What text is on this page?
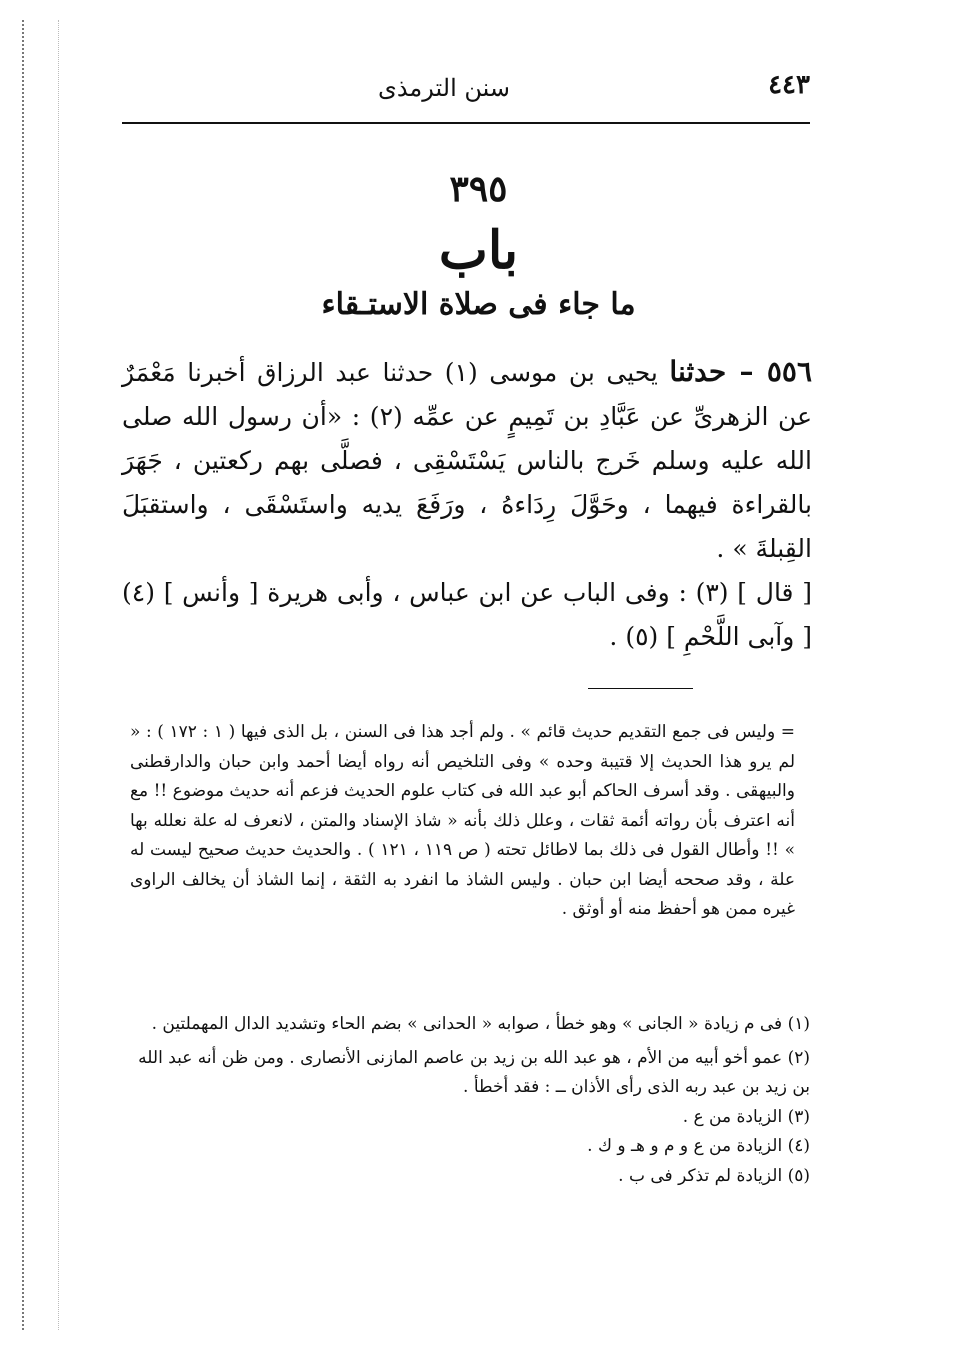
٤٤٣
سنن الترمذى
٣٩٥
باب
ما جاء فى صلاة الاستـقاء
٥٥٦ – حدثنا يحيى بن موسى (١) حدثنا عبد الرزاق أخبرنا مَعْمَرٌ عن الزهرىِّ عن عَبَّادِ بن تَمِيمٍ عن عمِّه (٢) : «أن رسول الله صلى الله عليه وسلم خَرج بالناس يَسْتَسْقِى ، فصلَّى بهم ركعتين ، جَهَرَ بالقراءة فيهما ، وحَوَّلَ رِدَاءهُ ، ورَفَعَ يديه واستَسْقَى ، واستقبَلَ القِبلةَ » .
[ قال ] (٣) : وفى الباب عن ابن عباس ، وأبى هريرة [ وأنس ] (٤) [ وآبى اللَّحْمِ ] (٥) .

= وليس فى جمع التقديم حديث قائم » . ولم أجد هذا فى السنن ، بل الذى فيها ( ١ : ١٧٢ ) : « لم يرو هذا الحديث إلا قتيبة وحده » وفى التلخيص أنه رواه أيضا أحمد وابن حبان والدارقطنى والبيهقى . وقد أسرف الحاكم أبو عبد الله فى كتاب علوم الحديث فزعم أنه حديث موضوع !! مع أنه اعترف بأن رواته أئمة ثقات ، وعلل ذلك بأنه « شاذ الإسناد والمتن ، لانعرف له علة نعلله بها » !! وأطال القول فى ذلك بما لاطائل تحته ( ص ١١٩ ، ١٢١ ) . والحديث حديث صحيح ليست له علة ، وقد صححه أيضا ابن حبان . وليس الشاذ ما انفرد به الثقة ، إنما الشاذ أن يخالف الراوى غيره ممن هو أحفظ منه أو أوثق .

(١) فى م زيادة « الجانى » وهو خطأ ، صوابه « الحدانى » بضم الحاء وتشديد الدال المهملتين .

(٢) عمو أخو أبيه من الأم ، هو عبد الله بن زيد بن عاصم المازنى الأنصارى . ومن ظن أنه عبد الله بن زيد بن عبد ربه الذى رأى الأذان ــ : فقد أخطأ .

(٣) الزيادة من ع .

(٤) الزيادة من ع و م و هـ و ك .

(٥) الزيادة لم تذكر فى ب .
